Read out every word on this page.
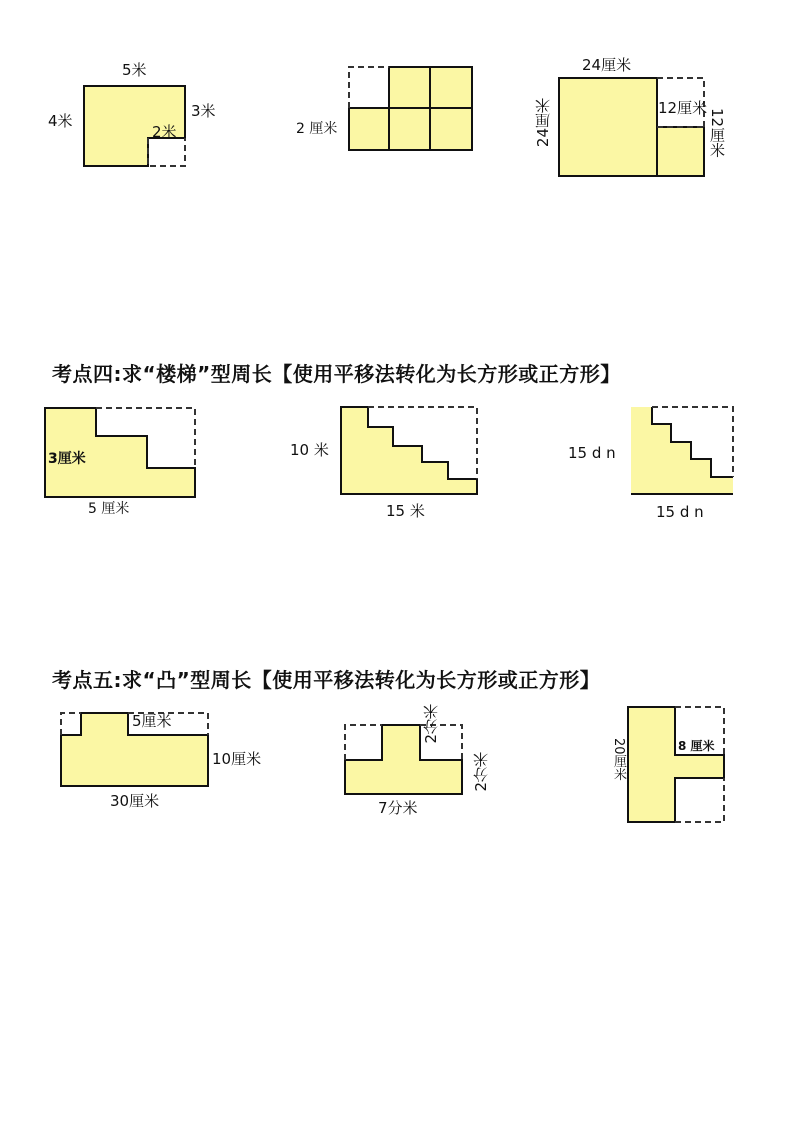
5米
4米
3米
2米	2 厘米
24厘米
24厘米	12厘米 12厘米
考点四:求“楼梯”型周长【使用平移法转化为长方形或正方形】
3厘米
5 厘米
10 米
15 米
15 d n
15 d n
考点五:求“凸”型周长【使用平移法转化为长方形或正方形】
5厘米
10厘米
30厘米
2分米
2分米
7分米
20厘米	8 厘米
